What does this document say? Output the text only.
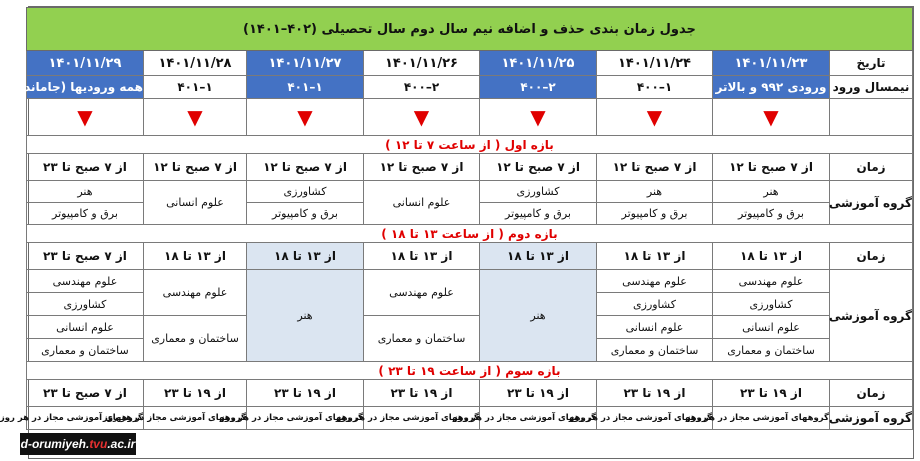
جدول زمان بندی حذف و اضافه نیم سال دوم سال تحصیلی (۴۰۲–۱۴۰۱)							
تاریخ	۱۴۰۱/۱۱/۲۳	۱۴۰۱/۱۱/۲۴	۱۴۰۱/۱۱/۲۵	۱۴۰۱/۱۱/۲۶	۱۴۰۱/۱۱/۲۷	۱۴۰۱/۱۱/۲۸	۱۴۰۱/۱۱/۲۹
نیمسال ورود	ورودی ۹۹۲ و بالاتر	۱–۴۰۰	۲–۴۰۰	۲–۴۰۰	۱–۴۰۱	۱–۴۰۱	همه ورودیها (جامانده)
	▼	▼	▼	▼	▼	▼	▼
بازه اول ( از ساعت ۷ تا ۱۲ )							
زمان	از ۷ صبح تا ۱۲	از ۷ صبح تا ۱۲	از ۷ صبح تا ۱۲	از ۷ صبح تا ۱۲	از ۷ صبح تا ۱۲	از ۷ صبح تا ۱۲	از ۷ صبح تا ۲۳
گروه آموزشی	هنر	هنر	کشاورزی	علوم انسانی	کشاورزی	علوم انسانی	هنر
	برق و کامپیوتر	برق و کامپیوتر	برق و کامپیوتر		برق و کامپیوتر		برق و کامپیوتر
بازه دوم ( از ساعت ۱۳ تا ۱۸ )							
زمان	از ۱۳ تا ۱۸	از ۱۳ تا ۱۸	از ۱۳ تا ۱۸	از ۱۳ تا ۱۸	از ۱۳ تا ۱۸	از ۱۳ تا ۱۸	از ۷ صبح تا ۲۳
گروه آموزشی	علوم مهندسی	علوم مهندسی	هنر	علوم مهندسی	هنر	علوم مهندسی	علوم مهندسی
	کشاورزی	کشاورزی					کشاورزی
	علوم انسانی	علوم انسانی		ساختمان و معماری		ساختمان و معماری	علوم انسانی
	ساختمان و معماری	ساختمان و معماری					ساختمان و معماری
بازه سوم ( از ساعت ۱۹ تا ۲۳ )							
زمان	از ۱۹ تا ۲۳	از ۱۹ تا ۲۳	از ۱۹ تا ۲۳	از ۱۹ تا ۲۳	از ۱۹ تا ۲۳	از ۱۹ تا ۲۳	از ۷ صبح تا ۲۳
گروه آموزشی	گروههای آموزشی مجاز در هر روز	گروههای آموزشی مجاز در هر روز	گروههای آموزشی مجاز در هر روز	گروههای آموزشی مجاز در هر روز	گروههای آموزشی مجاز در هر روز	گروههای آموزشی مجاز در هر روز	گروههای آموزشی مجاز در هر روز
d-orumiyeh.tvu.ac.ir
